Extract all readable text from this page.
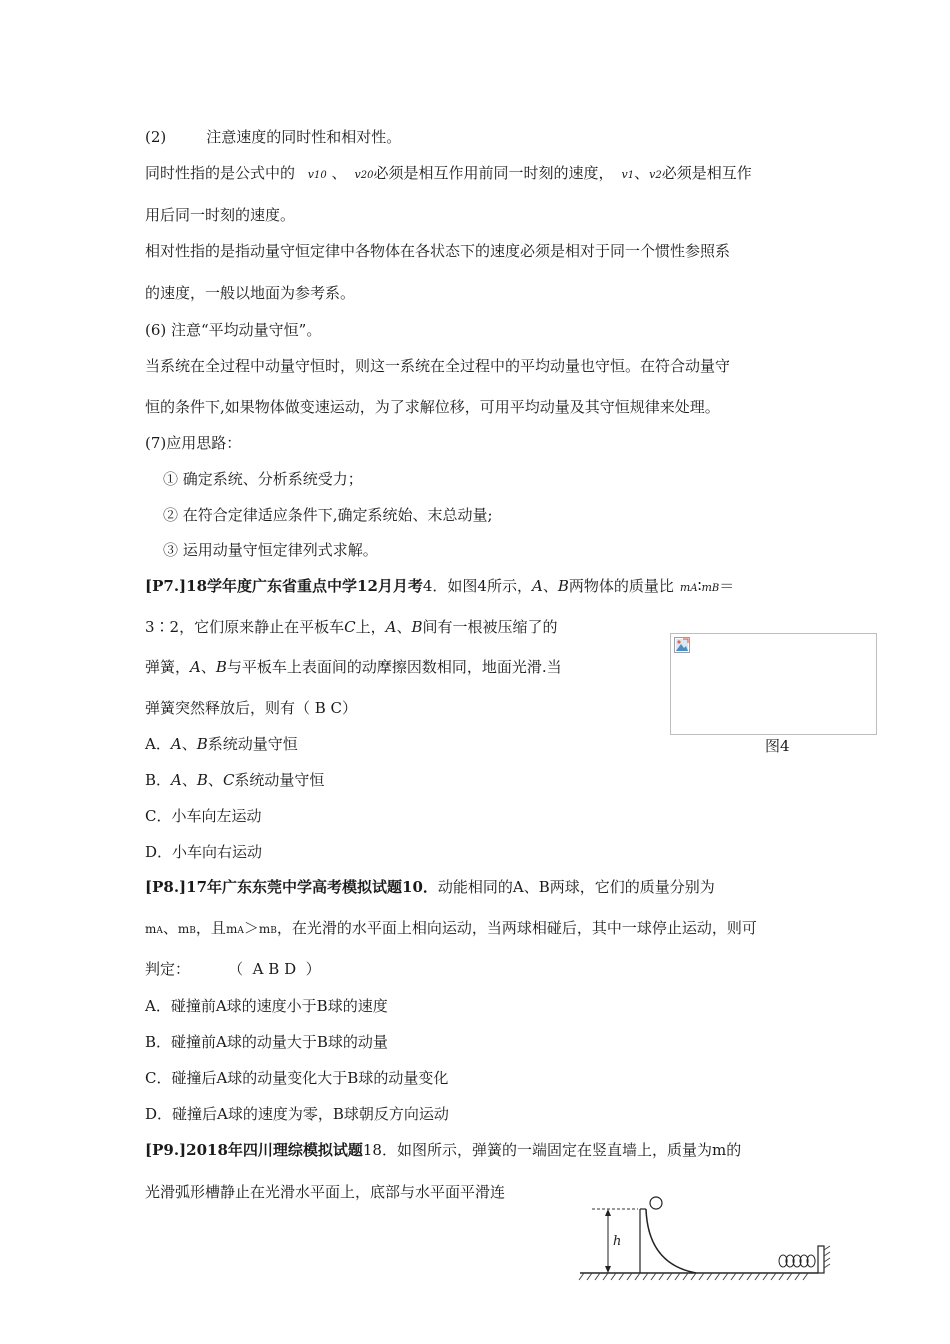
(2)	注意速度的同时性和相对性。
同时性指的是公式中的 v10 、 v20必须是相互作用前同一时刻的速度， v1、v2必须是相互作
用后同一时刻的速度。
相对性指的是指动量守恒定律中各物体在各状态下的速度必须是相对于同一个惯性参照系
的速度，一般以地面为参考系。
(6) 注意“平均动量守恒”。
当系统在全过程中动量守恒时，则这一系统在全过程中的平均动量也守恒。在符合动量守
恒的条件下,如果物体做变速运动，为了求解位移，可用平均动量及其守恒规律来处理。
(7)应用思路：
① 确定系统、分析系统受力；
② 在符合定律适应条件下,确定系统始、末总动量;
③ 运用动量守恒定律列式求解。
[P7.]18学年度广东省重点中学12月月考4．如图4所示，A、B两物体的质量比 mA∶mB＝
3∶2，它们原来静止在平板车C上，A、B间有一根被压缩了的
弹簧，A、B与平板车上表面间的动摩擦因数相同，地面光滑.当
弹簧突然释放后，则有（ B C）
A．A、B系统动量守恒
B．A、B、C系统动量守恒
C．小车向左运动
D．小车向右运动
图4
[P8.]17年广东东莞中学高考模拟试题10．动能相同的A、B两球，它们的质量分别为
mA、mB，且mA＞mB，在光滑的水平面上相向运动，当两球相碰后，其中一球停止运动，则可
判定：        （  A B D  ）
A．碰撞前A球的速度小于B球的速度
B．碰撞前A球的动量大于B球的动量
C．碰撞后A球的动量变化大于B球的动量变化
D．碰撞后A球的速度为零，B球朝反方向运动
[P9.]2018年四川理综模拟试题18．如图所示，弹簧的一端固定在竖直墙上，质量为m的
光滑弧形槽静止在光滑水平面上，底部与水平面平滑连
h
